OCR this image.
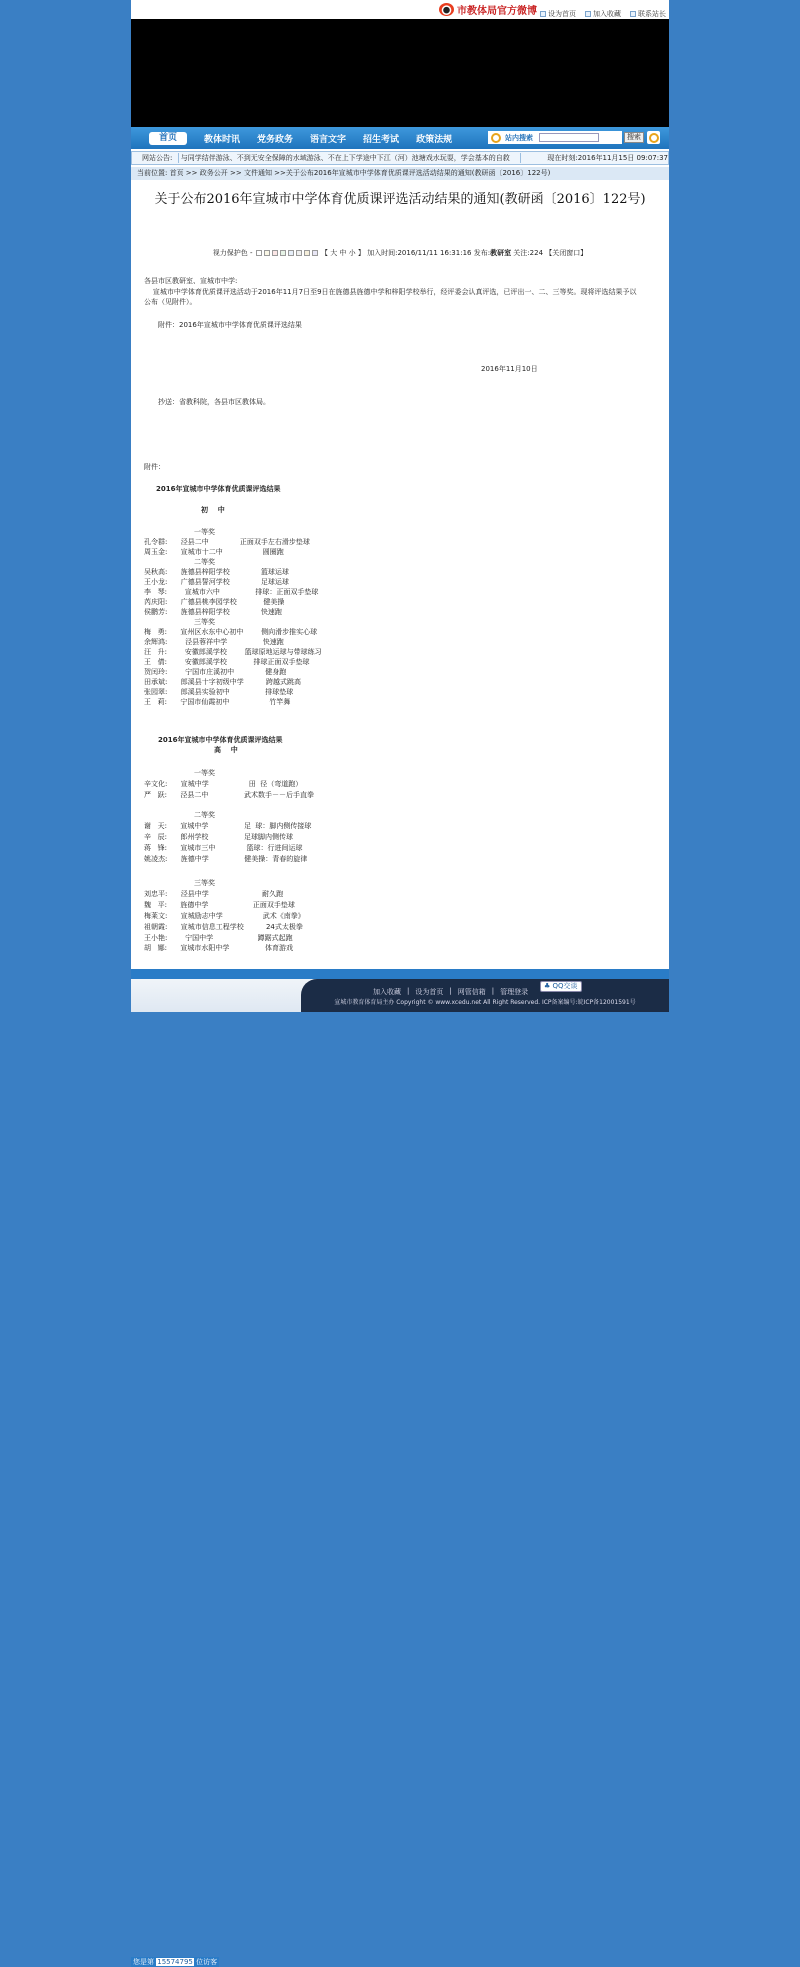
市教体局官方微博 设为首页 加入收藏 联系站长
首页	教体时讯 党务政务 语言文字 招生考试 政策法规	站内搜索	搜索
网站公告:	与同学结伴游泳、不到无安全保障的水域游泳、不在上下学途中下江（河）池塘戏水玩耍，学会基本的自救	现在时刻:2016年11月15日 09:07:37
当前位置: 首页 >> 政务公开 >> 文件通知 >>关于公布2016年宣城市中学体育优质课评选活动结果的通知(教研函〔2016〕122号)
关于公布2016年宣城市中学体育优质课评选活动结果的通知(教研函〔2016〕122号)
视力保护色 -	【 大 中 小 】 加入时间:2016/11/11 16:31:16 发布:教研室 关注:224 【关闭窗口】
各县市区教研室、宣城市中学:
宣城市中学体育优质课评选活动于2016年11月7日至9日在旌德县旌德中学和梓阳学校举行，经评委会认真评选，已评出一、二、三等奖。现将评选结果予以
公布（见附件）。
附件：2016年宣城市中学体育优质课评选结果
2016年11月10日
抄送：省教科院，各县市区教体局。
附件：
2016年宣城市中学体育优质课评选结果
初    中
一等奖
孔令群:      泾县二中              正面双手左右滑步垫球
周玉金:      宣城市十二中                  圆圈跑
二等奖
吴秋高:      旌德县梓阳学校              篮球运球
王小龙:      广德县誓河学校              足球运球
李   琴:        宣城市六中                排球：正面双手垫球
芮庆阳:      广德县桃李园学校            健美操
侯鹏芳:      旌德县梓阳学校              快速跑
三等奖
梅   勇:      宣州区水东中心初中        侧向滑步推实心球
余辉鸿:        泾县蓉祥中学                快速跑
汪   升:        安徽郎溪学校        篮球原地运球与带球练习
王   倩:        安徽郎溪学校            排球正面双手垫球
贺闰玲:        宁国市庄溪初中              健身跑
田承斌:      郎溪县十字初级中学          跨越式跳高
张园翠:      郎溪县实验初中                排球垫球
王   莉:      宁国市仙霞初中                  竹竿舞
2016年宣城市中学体育优质课评选结果
高    中
一等奖
辛文化:      宣城中学                  田  径（弯道跑）
严   跃:      泾县二中                武术数手－－后手直拳
二等奖
谢   天:      宣城中学                足  球：脚内侧传接球
辛   辰:      郎州学校                足球脚内侧传球
蒋   锋:      宣城市三中              篮球：行进间运球
姚凌杰:      旌德中学                健美操：青春的旋律
三等奖
刘忠平:      泾县中学                        耐久跑
魏   平:      旌德中学                    正面双手垫球
梅莱文:      宣城励志中学                  武术《南拳》
祖朝霞:      宣城市信息工程学校          24式太极拳
王小艳:        宁国中学                    蹲踞式起跑
胡   娜:      宣城市水阳中学                体育游戏
加入收藏 | 设为首页 | 网管信箱 | 管理登录
♣ QQ交谈
宣城市教育体育局主办 Copyright © www.xcedu.net All Right Reserved. ICP备案编号:皖ICP备12001591号
您是第 15574795 位访客
